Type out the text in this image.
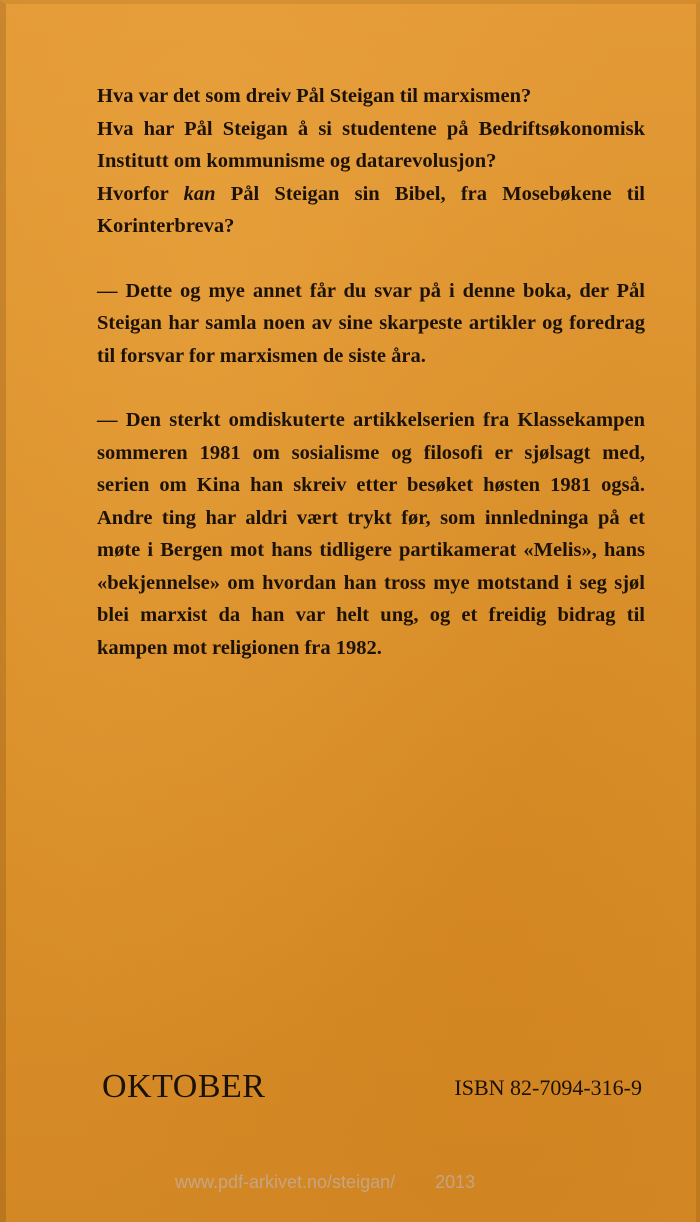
Hva var det som dreiv Pål Steigan til marxismen?

Hva har Pål Steigan å si studentene på Bedriftsøkonomisk Institutt om kommunisme og datarevolusjon?

Hvorfor kan Pål Steigan sin Bibel, fra Mosebøkene til Korinterbreva?

— Dette og mye annet får du svar på i denne boka, der Pål Steigan har samla noen av sine skarpeste artikler og foredrag til forsvar for marxismen de siste åra.

— Den sterkt omdiskuterte artikkelserien fra Klassekampen sommeren 1981 om sosialisme og filosofi er sjølsagt med, serien om Kina han skreiv etter besøket høsten 1981 også. Andre ting har aldri vært trykt før, som innledninga på et møte i Bergen mot hans tidligere partikamerat «Melis», hans «bekjennelse» om hvordan han tross mye motstand i seg sjøl blei marxist da han var helt ung, og et freidig bidrag til kampen mot religionen fra 1982.

OKTOBER	ISBN 82-7094-316-9
www.pdf-arkivet.no/steigan/ 2013
